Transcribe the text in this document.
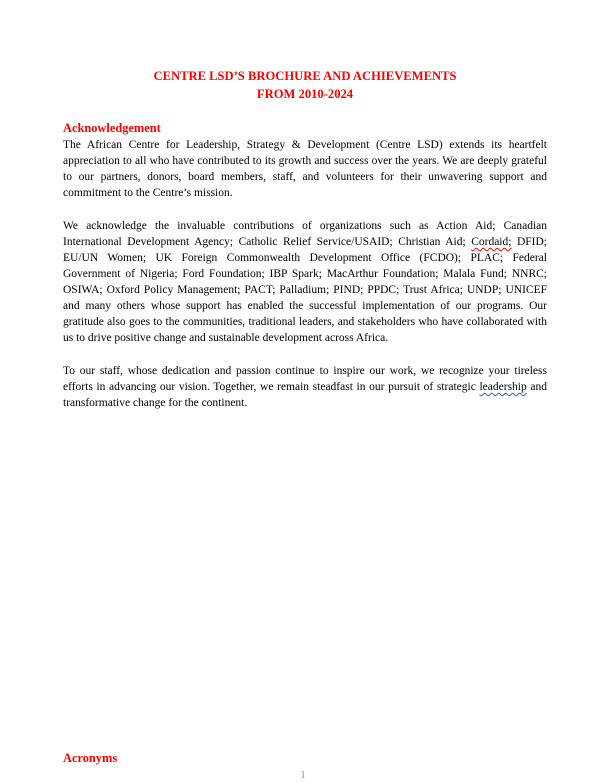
CENTRE LSD’S BROCHURE AND ACHIEVEMENTS
FROM 2010-2024
Acknowledgement

The African Centre for Leadership, Strategy & Development (Centre LSD) extends its heartfelt appreciation to all who have contributed to its growth and success over the years. We are deeply grateful to our partners, donors, board members, staff, and volunteers for their unwavering support and commitment to the Centre’s mission.

We acknowledge the invaluable contributions of organizations such as Action Aid; Canadian International Development Agency; Catholic Relief Service/USAID; Christian Aid; Cordaid; DFID; EU/UN Women; UK Foreign Commonwealth Development Office (FCDO); PLAC; Federal Government of Nigeria; Ford Foundation; IBP Spark; MacArthur Foundation; Malala Fund; NNRC; OSIWA; Oxford Policy Management; PACT; Palladium; PIND; PPDC; Trust Africa; UNDP; UNICEF and many others whose support has enabled the successful implementation of our programs. Our gratitude also goes to the communities, traditional leaders, and stakeholders who have collaborated with us to drive positive change and sustainable development across Africa.

To our staff, whose dedication and passion continue to inspire our work, we recognize your tireless efforts in advancing our vision. Together, we remain steadfast in our pursuit of strategic leadership and transformative change for the continent.

Acronyms
1
